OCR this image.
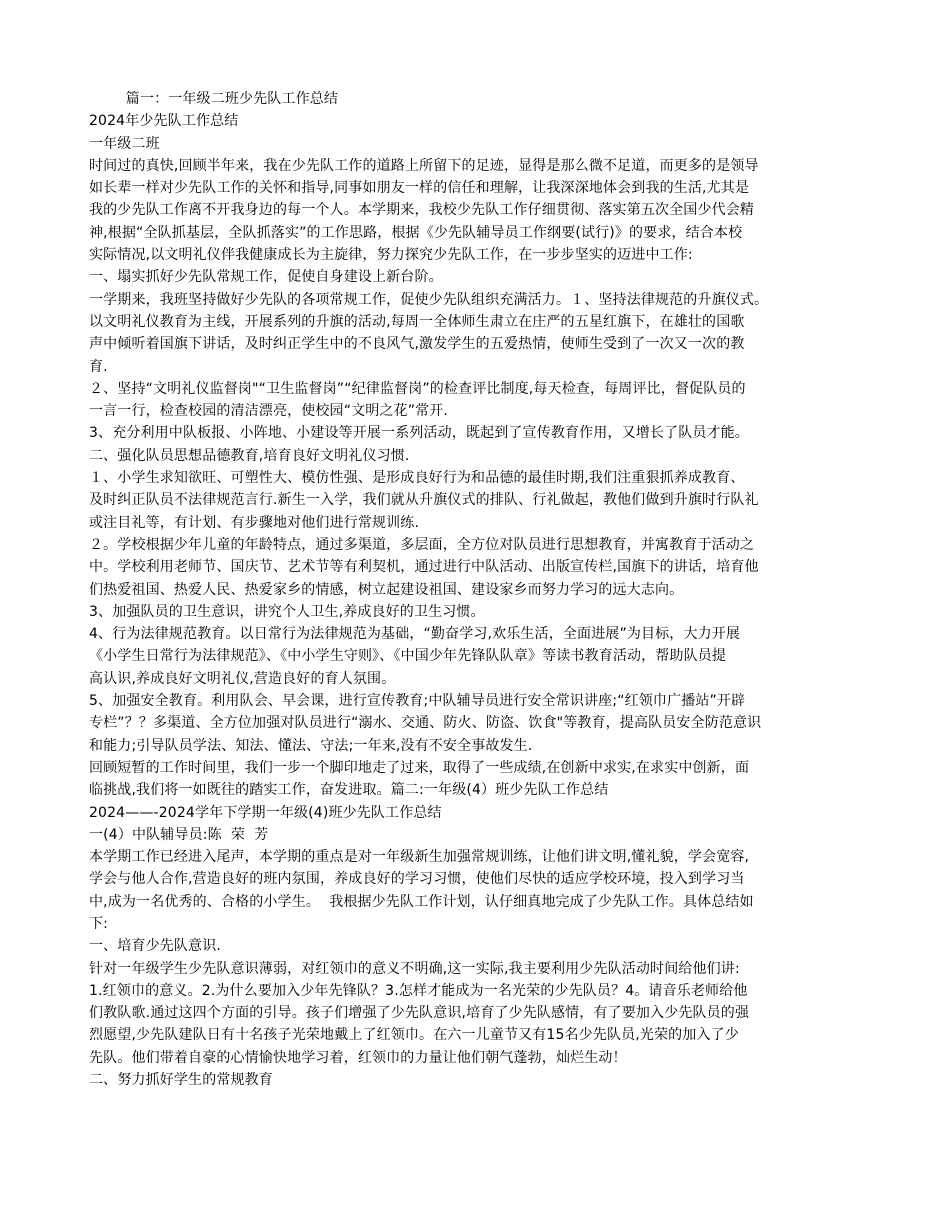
篇一：一年级二班少先队工作总结

2024年少先队工作总结

一年级二班

时间过的真快,回顾半年来，我在少先队工作的道路上所留下的足迹，显得是那么微不足道，而更多的是领导

如长辈一样对少先队工作的关怀和指导,同事如朋友一样的信任和理解，让我深深地体会到我的生活,尤其是

我的少先队工作离不开我身边的每一个人。本学期来，我校少先队工作仔细贯彻、落实第五次全国少代会精

神,根据“全队抓基层，全队抓落实”的工作思路，根据《少先队辅导员工作纲要(试行)》的要求，结合本校

实际情况,以文明礼仪伴我健康成长为主旋律，努力探究少先队工作，在一步步坚实的迈进中工作:

一、塌实抓好少先队常规工作，促使自身建设上新台阶。

一学期来，我班坚持做好少先队的各项常规工作，促使少先队组织充满活力。１、坚持法律规范的升旗仪式。

以文明礼仪教育为主线，开展系列的升旗的活动,每周一全体师生肃立在庄严的五星红旗下，在雄壮的国歌

声中倾听着国旗下讲话，及时纠正学生中的不良风气,激发学生的五爱热情，使师生受到了一次又一次的教

育.

２、坚持“文明礼仪监督岗"“卫生监督岗”“纪律监督岗”的检查评比制度,每天检查，每周评比，督促队员的

一言一行，检查校园的清洁漂亮，使校园“文明之花”常开.

3、充分利用中队板报、小阵地、小建设等开展一系列活动，既起到了宣传教育作用，又增长了队员才能。

二、强化队员思想品德教育,培育良好文明礼仪习惯.

１、小学生求知欲旺、可塑性大、模仿性强、是形成良好行为和品德的最佳时期,我们注重狠抓养成教育、

及时纠正队员不法律规范言行.新生一入学，我们就从升旗仪式的排队、行礼做起，教他们做到升旗时行队礼

或注目礼等，有计划、有步骤地对他们进行常规训练.

２。学校根据少年儿童的年龄特点，通过多渠道，多层面，全方位对队员进行思想教育，并寓教育于活动之

中。学校利用老师节、国庆节、艺术节等有利契机，通过进行中队活动、出版宣传栏,国旗下的讲话，培育他

们热爱祖国、热爱人民、热爱家乡的情感，树立起建设祖国、建设家乡而努力学习的远大志向。

3、加强队员的卫生意识，讲究个人卫生,养成良好的卫生习惯。

4、行为法律规范教育。以日常行为法律规范为基础，“勤奋学习,欢乐生活，全面进展”为目标，大力开展

《小学生日常行为法律规范》、《中小学生守则》、《中国少年先锋队队章》等读书教育活动，帮助队员提

高认识,养成良好文明礼仪,营造良好的育人氛围。

5、加强安全教育。利用队会、早会课，进行宣传教育;中队辅导员进行安全常识讲座;“红领巾广播站”开辟

专栏”？？多渠道、全方位加强对队员进行“溺水、交通、防火、防盗、饮食"等教育，提高队员安全防范意识

和能力;引导队员学法、知法、懂法、守法;一年来,没有不安全事故发生.

回顾短暂的工作时间里，我们一步一个脚印地走了过来，取得了一些成绩,在创新中求实,在求实中创新，面

临挑战,我们将一如既往的踏实工作，奋发进取。篇二:一年级(4）班少先队工作总结

2024——-2024学年下学期一年级(4)班少先队工作总结

一(4）中队辅导员:陈  荣  芳

本学期工作已经进入尾声，本学期的重点是对一年级新生加强常规训练，让他们讲文明,懂礼貌，学会宽容,

学会与他人合作,营造良好的班内氛围，养成良好的学习习惯，使他们尽快的适应学校环境，投入到学习当

中,成为一名优秀的、合格的小学生。  我根据少先队工作计划，认仔细真地完成了少先队工作。具体总结如

下:

一、培育少先队意识.

针对一年级学生少先队意识薄弱，对红领巾的意义不明确,这一实际,我主要利用少先队活动时间给他们讲:

1.红领巾的意义。2.为什么要加入少年先锋队？3.怎样才能成为一名光荣的少先队员？4。请音乐老师给他

们教队歌.通过这四个方面的引导。孩子们增强了少先队意识,培育了少先队感情，有了要加入少先队员的强

烈愿望,少先队建队日有十名孩子光荣地戴上了红领巾。在六一儿童节又有15名少先队员,光荣的加入了少

先队。他们带着自豪的心情愉快地学习着，红领巾的力量让他们朝气蓬勃，灿烂生动！

二、努力抓好学生的常规教育
